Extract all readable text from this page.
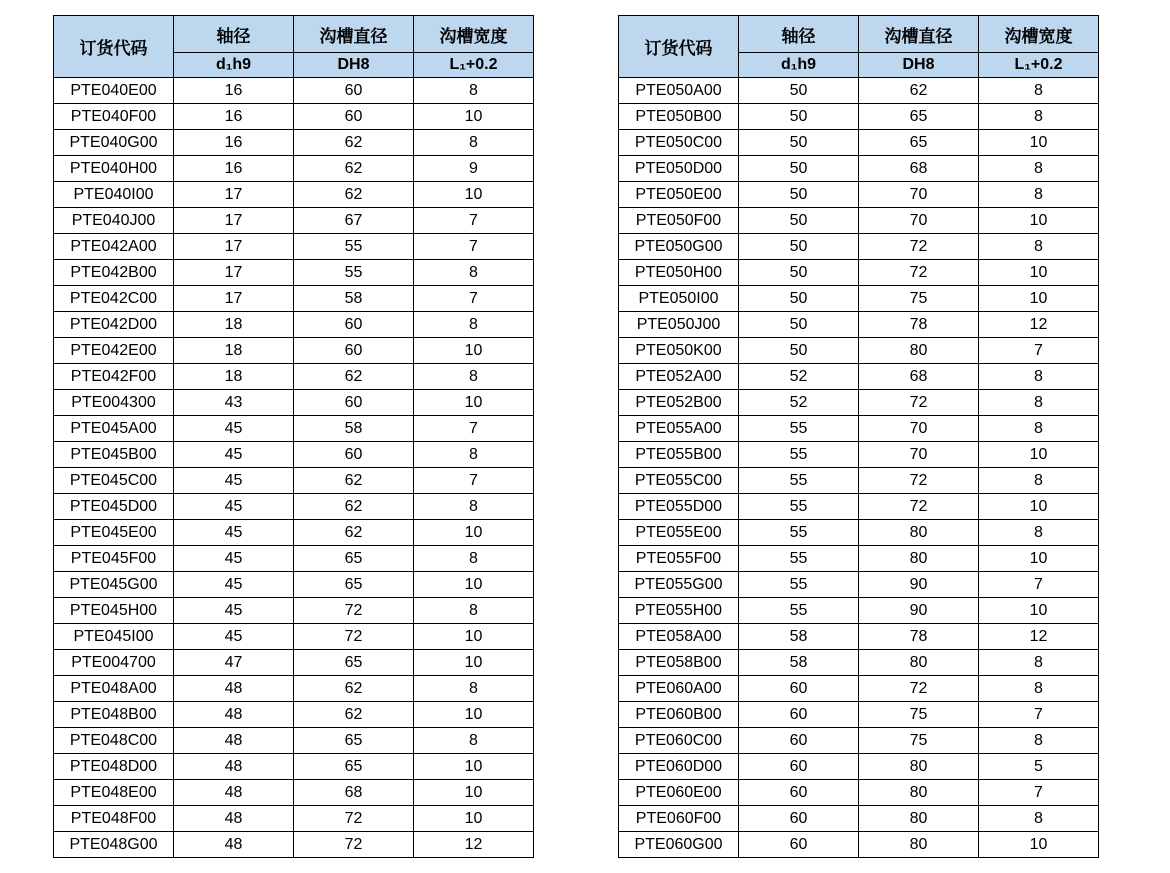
订货代码	轴径	沟槽直径	沟槽宽度
	d₁h9	DH8	L₁+0.2
PTE040E00	16	60	8
PTE040F00	16	60	10
PTE040G00	16	62	8
PTE040H00	16	62	9
PTE040I00	17	62	10
PTE040J00	17	67	7
PTE042A00	17	55	7
PTE042B00	17	55	8
PTE042C00	17	58	7
PTE042D00	18	60	8
PTE042E00	18	60	10
PTE042F00	18	62	8
PTE004300	43	60	10
PTE045A00	45	58	7
PTE045B00	45	60	8
PTE045C00	45	62	7
PTE045D00	45	62	8
PTE045E00	45	62	10
PTE045F00	45	65	8
PTE045G00	45	65	10
PTE045H00	45	72	8
PTE045I00	45	72	10
PTE004700	47	65	10
PTE048A00	48	62	8
PTE048B00	48	62	10
PTE048C00	48	65	8
PTE048D00	48	65	10
PTE048E00	48	68	10
PTE048F00	48	72	10
PTE048G00	48	72	12
订货代码	轴径	沟槽直径	沟槽宽度
	d₁h9	DH8	L₁+0.2
PTE050A00	50	62	8
PTE050B00	50	65	8
PTE050C00	50	65	10
PTE050D00	50	68	8
PTE050E00	50	70	8
PTE050F00	50	70	10
PTE050G00	50	72	8
PTE050H00	50	72	10
PTE050I00	50	75	10
PTE050J00	50	78	12
PTE050K00	50	80	7
PTE052A00	52	68	8
PTE052B00	52	72	8
PTE055A00	55	70	8
PTE055B00	55	70	10
PTE055C00	55	72	8
PTE055D00	55	72	10
PTE055E00	55	80	8
PTE055F00	55	80	10
PTE055G00	55	90	7
PTE055H00	55	90	10
PTE058A00	58	78	12
PTE058B00	58	80	8
PTE060A00	60	72	8
PTE060B00	60	75	7
PTE060C00	60	75	8
PTE060D00	60	80	5
PTE060E00	60	80	7
PTE060F00	60	80	8
PTE060G00	60	80	10
